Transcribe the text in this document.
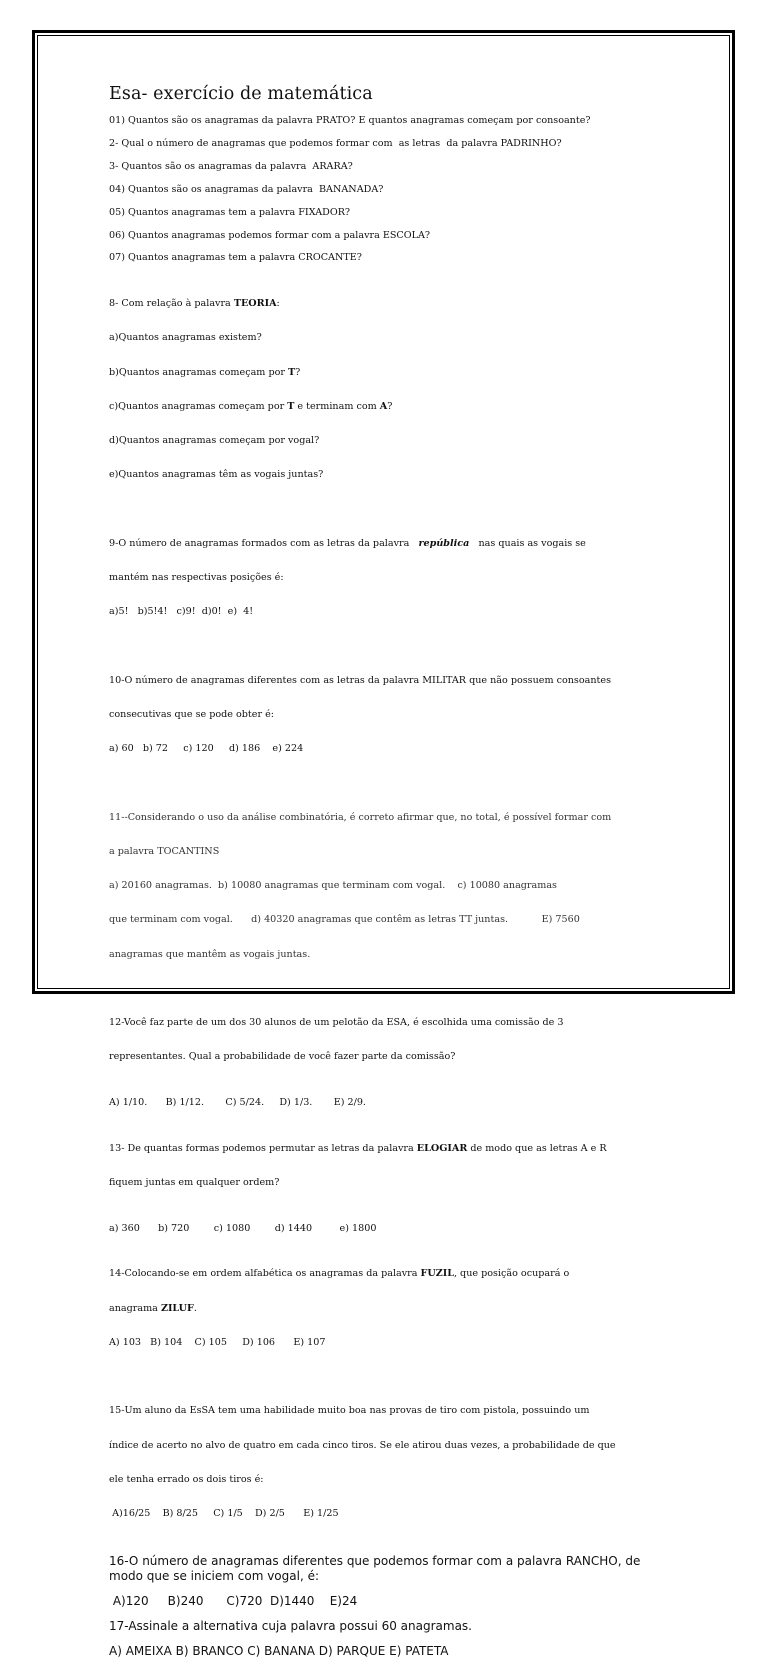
Esa- exercício de matemática

01) Quantos são os anagramas da palavra PRATO? E quantos anagramas começam por consoante?

2- Qual o número de anagramas que podemos formar com  as letras  da palavra PADRINHO?

3- Quantos são os anagramas da palavra  ARARA?

04) Quantos são os anagramas da palavra  BANANADA?

05) Quantos anagramas tem a palavra FIXADOR?

06) Quantos anagramas podemos formar com a palavra ESCOLA?

07) Quantos anagramas tem a palavra CROCANTE?

8- Com relação à palavra TEORIA:

a)Quantos anagramas existem?

b)Quantos anagramas começam por T?

c)Quantos anagramas começam por T e terminam com A?

d)Quantos anagramas começam por vogal?

e)Quantos anagramas têm as vogais juntas?

9-O número de anagramas formados com as letras da palavra   república   nas quais as vogais se

mantém nas respectivas posições é:

a)5!   b)5!4!   c)9!  d)0!  e)  4!

10-O número de anagramas diferentes com as letras da palavra MILITAR que não possuem consoantes

consecutivas que se pode obter é:

a) 60   b) 72     c) 120     d) 186    e) 224

11--Considerando o uso da análise combinatória, é correto afirmar que, no total, é possível formar com

a palavra TOCANTINS

a) 20160 anagramas.  b) 10080 anagramas que terminam com vogal.    c) 10080 anagramas

que terminam com vogal.      d) 40320 anagramas que contêm as letras TT juntas.           E) 7560

anagramas que mantêm as vogais juntas.

12-Você faz parte de um dos 30 alunos de um pelotão da ESA, é escolhida uma comissão de 3

representantes. Qual a probabilidade de você fazer parte da comissão?

A) 1/10.      B) 1/12.       C) 5/24.     D) 1/3.       E) 2/9.

13- De quantas formas podemos permutar as letras da palavra ELOGIAR de modo que as letras A e R

fiquem juntas em qualquer ordem?

a) 360      b) 720        c) 1080        d) 1440         e) 1800

14-Colocando-se em ordem alfabética os anagramas da palavra FUZIL, que posição ocupará o

anagrama ZILUF.

A) 103   B) 104    C) 105     D) 106      E) 107

15-Um aluno da EsSA tem uma habilidade muito boa nas provas de tiro com pistola, possuindo um

índice de acerto no alvo de quatro em cada cinco tiros. Se ele atirou duas vezes, a probabilidade de que

ele tenha errado os dois tiros é:

A)16/25    B) 8/25     C) 1/5    D) 2/5      E) 1/25

16-O número de anagramas diferentes que podemos formar com a palavra RANCHO, de
modo que se iniciem com vogal, é:

A)120     B)240      C)720  D)1440    E)24

17-Assinale a alternativa cuja palavra possui 60 anagramas.

A) AMEIXA B) BRANCO C) BANANA D) PARQUE E) PATETA
